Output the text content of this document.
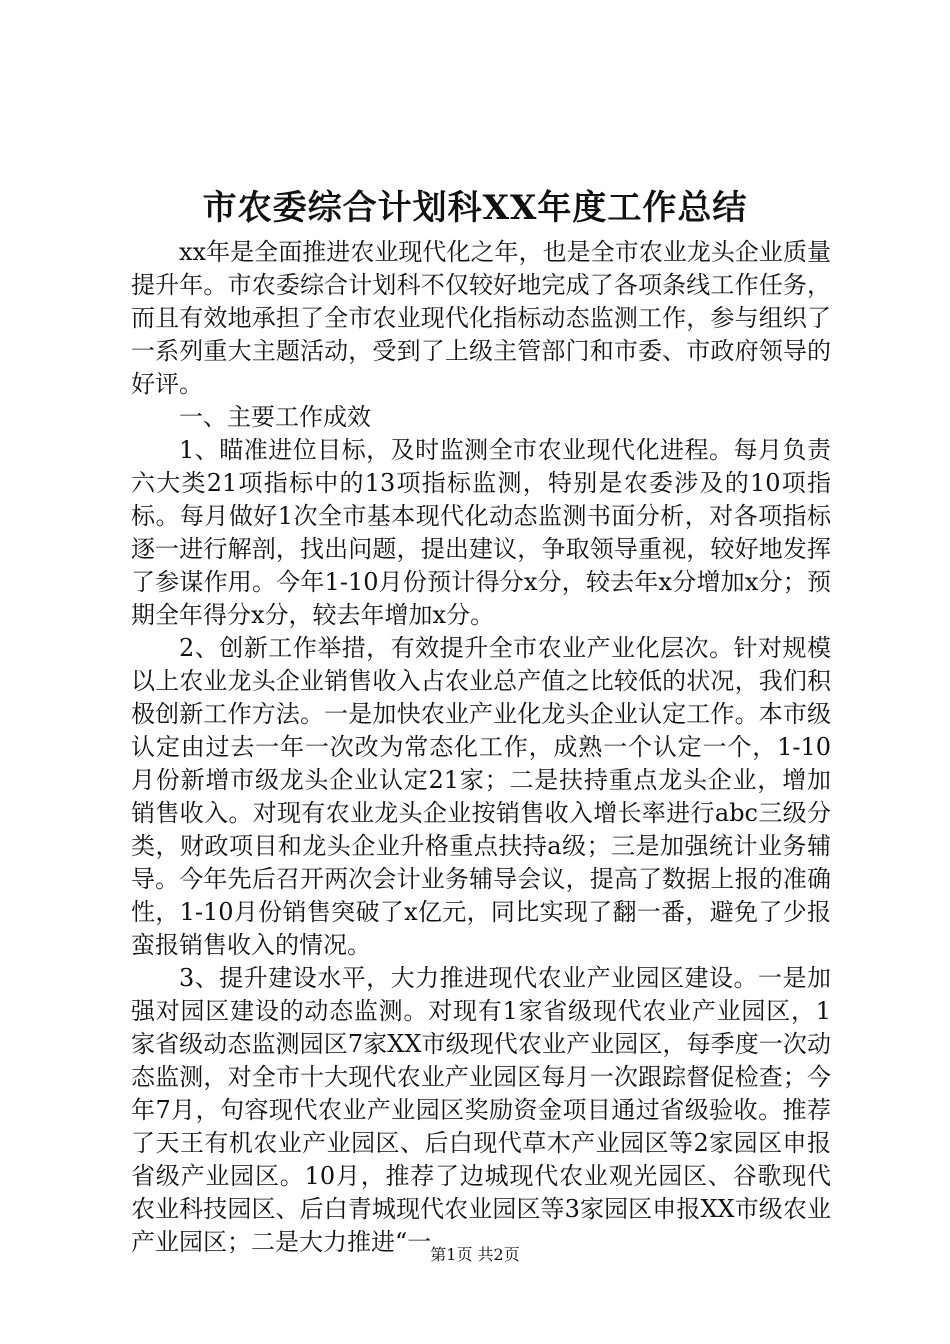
市农委综合计划科XX年度工作总结

xx年是全面推进农业现代化之年，也是全市农业龙头企业质量提升年。市农委综合计划科不仅较好地完成了各项条线工作任务，而且有效地承担了全市农业现代化指标动态监测工作，参与组织了一系列重大主题活动，受到了上级主管部门和市委、市政府领导的好评。

一、主要工作成效

1、瞄准进位目标，及时监测全市农业现代化进程。每月负责六大类21项指标中的13项指标监测，特别是农委涉及的10项指标。每月做好1次全市基本现代化动态监测书面分析，对各项指标逐一进行解剖，找出问题，提出建议，争取领导重视，较好地发挥了参谋作用。今年1-10月份预计得分x分，较去年x分增加x分；预期全年得分x分，较去年增加x分。

2、创新工作举措，有效提升全市农业产业化层次。针对规模以上农业龙头企业销售收入占农业总产值之比较低的状况，我们积极创新工作方法。一是加快农业产业化龙头企业认定工作。本市级认定由过去一年一次改为常态化工作，成熟一个认定一个，1-10月份新增市级龙头企业认定21家；二是扶持重点龙头企业，增加销售收入。对现有农业龙头企业按销售收入增长率进行abc三级分类，财政项目和龙头企业升格重点扶持a级；三是加强统计业务辅导。今年先后召开两次会计业务辅导会议，提高了数据上报的准确性，1-10月份销售突破了x亿元，同比实现了翻一番，避免了少报蛮报销售收入的情况。

3、提升建设水平，大力推进现代农业产业园区建设。一是加强对园区建设的动态监测。对现有1家省级现代农业产业园区，1家省级动态监测园区7家XX市级现代农业产业园区，每季度一次动态监测，对全市十大现代农业产业园区每月一次跟踪督促检查；今年7月，句容现代农业产业园区奖励资金项目通过省级验收。推荐了天王有机农业产业园区、后白现代草木产业园区等2家园区申报省级产业园区。10月，推荐了边城现代农业观光园区、谷歌现代农业科技园区、后白青城现代农业园区等3家园区申报XX市级农业产业园区；二是大力推进“一

第1页 共2页
